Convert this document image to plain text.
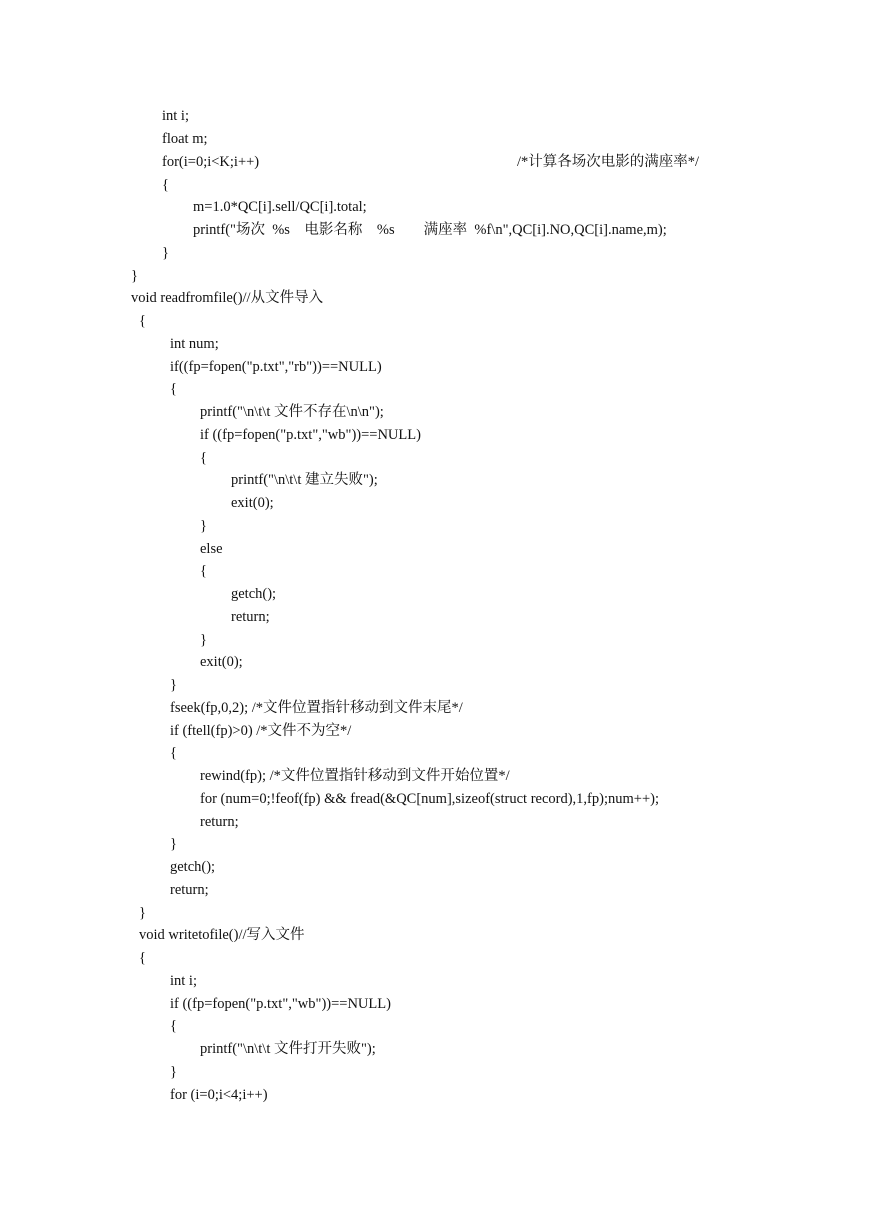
int i;
float m;
for(i=0;i<K;i++)	/*计算各场次电影的满座率*/
{
m=1.0*QC[i].sell/QC[i].total;
printf("场次  %s    电影名称    %s        满座率  %f\n",QC[i].NO,QC[i].name,m);
}
}
void readfromfile()//从文件导入
{
int num;
if((fp=fopen("p.txt","rb"))==NULL)
{
printf("\n\t\t 文件不存在\n\n");
if ((fp=fopen("p.txt","wb"))==NULL)
{
printf("\n\t\t 建立失败");
exit(0);
}
else
{
getch();
return;
}
exit(0);
}
fseek(fp,0,2); /*文件位置指针移动到文件末尾*/
if (ftell(fp)>0) /*文件不为空*/
{
rewind(fp); /*文件位置指针移动到文件开始位置*/
for (num=0;!feof(fp) && fread(&QC[num],sizeof(struct record),1,fp);num++);
return;
}
getch();
return;
}
void writetofile()//写入文件
{
int i;
if ((fp=fopen("p.txt","wb"))==NULL)
{
printf("\n\t\t 文件打开失败");
}
for (i=0;i<4;i++)
